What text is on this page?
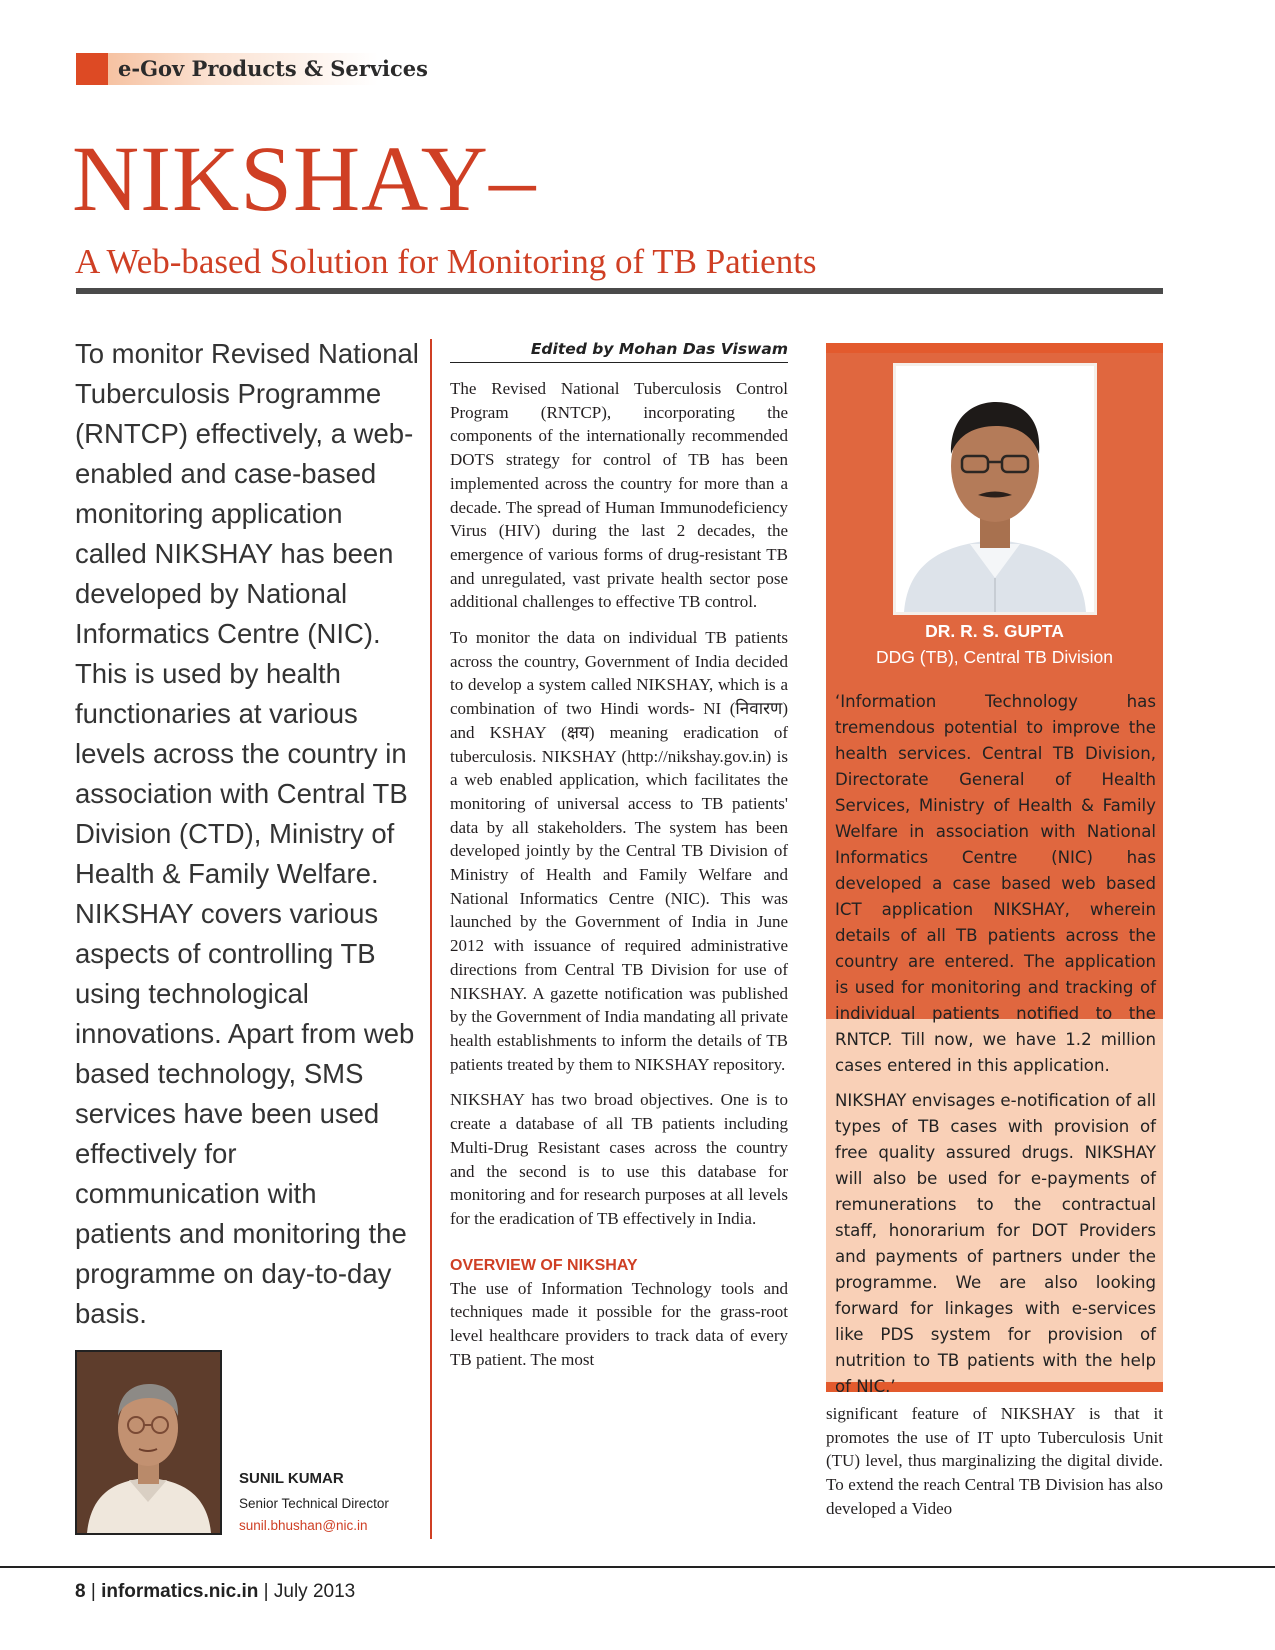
e-Gov Products & Services
NIKSHAY–
A Web-based Solution for Monitoring of TB Patients

To monitor Revised National Tuberculosis Programme (RNTCP) effectively, a web-enabled and case-based monitoring application called NIKSHAY has been developed by National Informatics Centre (NIC). This is used by health functionaries at various levels across the country in association with Central TB Division (CTD), Ministry of Health & Family Welfare. NIKSHAY covers various aspects of controlling TB using technological innovations. Apart from web based technology, SMS services have been used effectively for communication with patients and monitoring the programme on day-to-day basis.

SUNIL KUMAR
Senior Technical Director
sunil.bhushan@nic.in
Edited by Mohan Das Viswam

The Revised National Tuberculosis Control Program (RNTCP), incorporating the components of the internationally recommended DOTS strategy for control of TB has been implemented across the country for more than a decade. The spread of Human Immunodeficiency Virus (HIV) during the last 2 decades, the emergence of various forms of drug-resistant TB and unregulated, vast private health sector pose additional challenges to effective TB control.

To monitor the data on individual TB patients across the country, Government of India decided to develop a system called NIKSHAY, which is a combination of two Hindi words- NI (निवारण) and KSHAY (क्षय) meaning eradication of tuberculosis. NIKSHAY (http://nikshay.gov.in) is a web enabled application, which facilitates the monitoring of universal access to TB patients' data by all stakeholders. The system has been developed jointly by the Central TB Division of Ministry of Health and Family Welfare and National Informatics Centre (NIC). This was launched by the Government of India in June 2012 with issuance of required administrative directions from Central TB Division for use of NIKSHAY. A gazette notification was published by the Government of India mandating all private health establishments to inform the details of TB patients treated by them to NIKSHAY repository.

NIKSHAY has two broad objectives. One is to create a database of all TB patients including Multi-Drug Resistant cases across the country and the second is to use this database for monitoring and for research purposes at all levels for the eradication of TB effectively in India.

OVERVIEW OF NIKSHAY

The use of Information Technology tools and techniques made it possible for the grass-root level healthcare providers to track data of every TB patient. The most

DR. R. S. GUPTA
DDG (TB), Central TB Division

‘Information Technology has tremendous potential to improve the health services. Central TB Division, Directorate General of Health Services, Ministry of Health & Family Welfare in association with National Informatics Centre (NIC) has developed a case based web based ICT application NIKSHAY, wherein details of all TB patients across the country are entered. The application is used for monitoring and tracking of individual patients notified to the RNTCP. Till now, we have 1.2 million cases entered in this application.

NIKSHAY envisages e-notification of all types of TB cases with provision of free quality assured drugs. NIKSHAY will also be used for e-payments of remunerations to the contractual staff, honorarium for DOT Providers and payments of partners under the programme. We are also looking forward for linkages with e-services like PDS system for provision of nutrition to TB patients with the help of NIC.’

significant feature of NIKSHAY is that it promotes the use of IT upto Tuberculosis Unit (TU) level, thus marginalizing the digital divide. To extend the reach Central TB Division has also developed a Video

8 | informatics.nic.in | July 2013
